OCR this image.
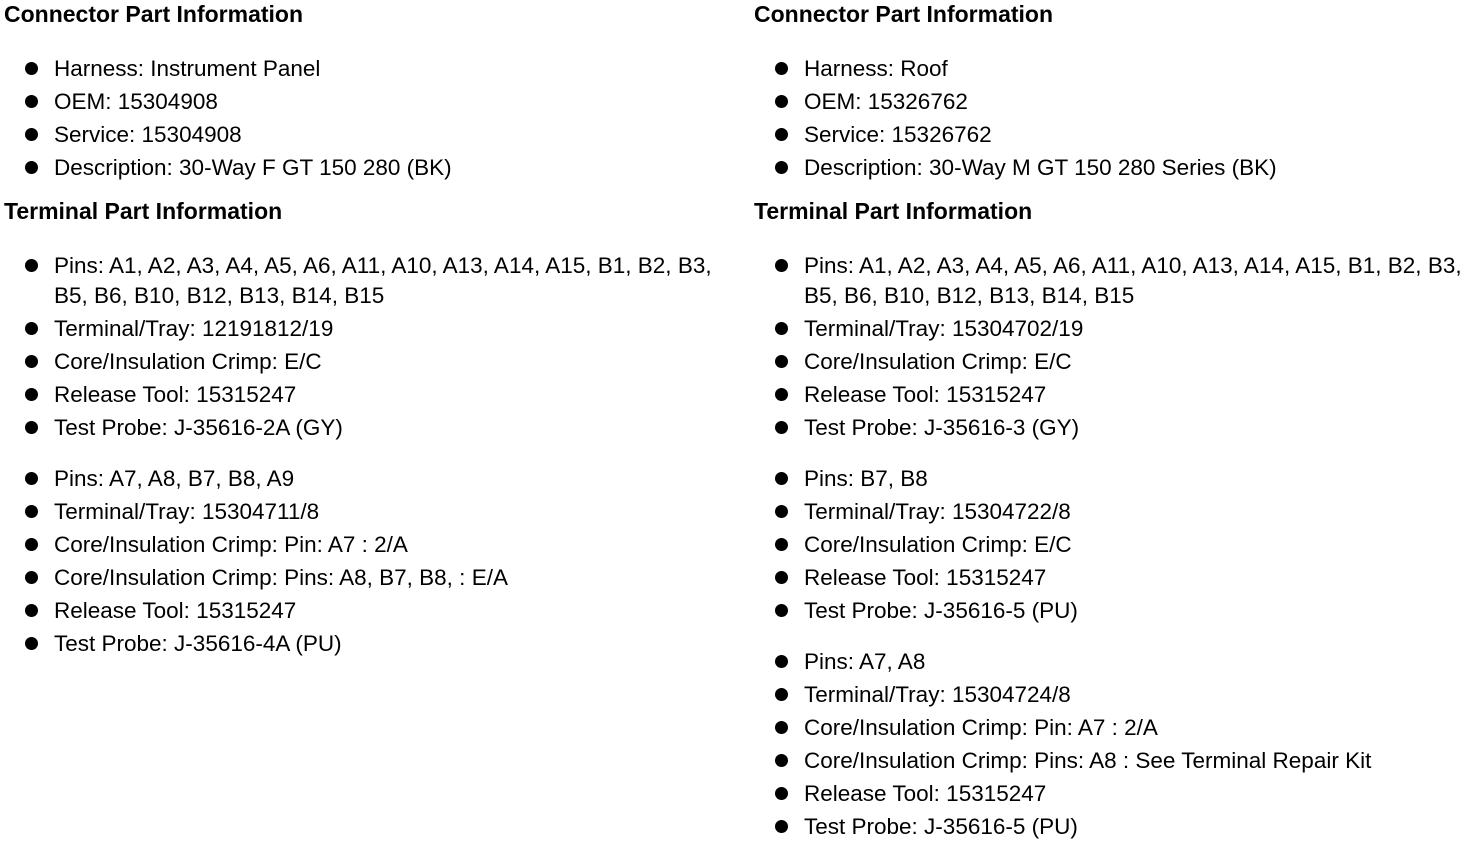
Connector Part Information
Harness: Instrument Panel
OEM: 15304908
Service: 15304908
Description: 30-Way F GT 150 280 (BK)
Terminal Part Information
Pins: A1, A2, A3, A4, A5, A6, A11, A10, A13, A14, A15, B1, B2, B3, B5, B6, B10, B12, B13, B14, B15
Terminal/Tray: 12191812/19
Core/Insulation Crimp: E/C
Release Tool: 15315247
Test Probe: J-35616-2A (GY)
Pins: A7, A8, B7, B8, A9
Terminal/Tray: 15304711/8
Core/Insulation Crimp: Pin: A7 : 2/A
Core/Insulation Crimp: Pins: A8, B7, B8, : E/A
Release Tool: 15315247
Test Probe: J-35616-4A (PU)
Connector Part Information
Harness: Roof
OEM: 15326762
Service: 15326762
Description: 30-Way M GT 150 280 Series (BK)
Terminal Part Information
Pins: A1, A2, A3, A4, A5, A6, A11, A10, A13, A14, A15, B1, B2, B3, B5, B6, B10, B12, B13, B14, B15
Terminal/Tray: 15304702/19
Core/Insulation Crimp: E/C
Release Tool: 15315247
Test Probe: J-35616-3 (GY)
Pins: B7, B8
Terminal/Tray: 15304722/8
Core/Insulation Crimp: E/C
Release Tool: 15315247
Test Probe: J-35616-5 (PU)
Pins: A7, A8
Terminal/Tray: 15304724/8
Core/Insulation Crimp: Pin: A7 : 2/A
Core/Insulation Crimp: Pins: A8 : See Terminal Repair Kit
Release Tool: 15315247
Test Probe: J-35616-5 (PU)
